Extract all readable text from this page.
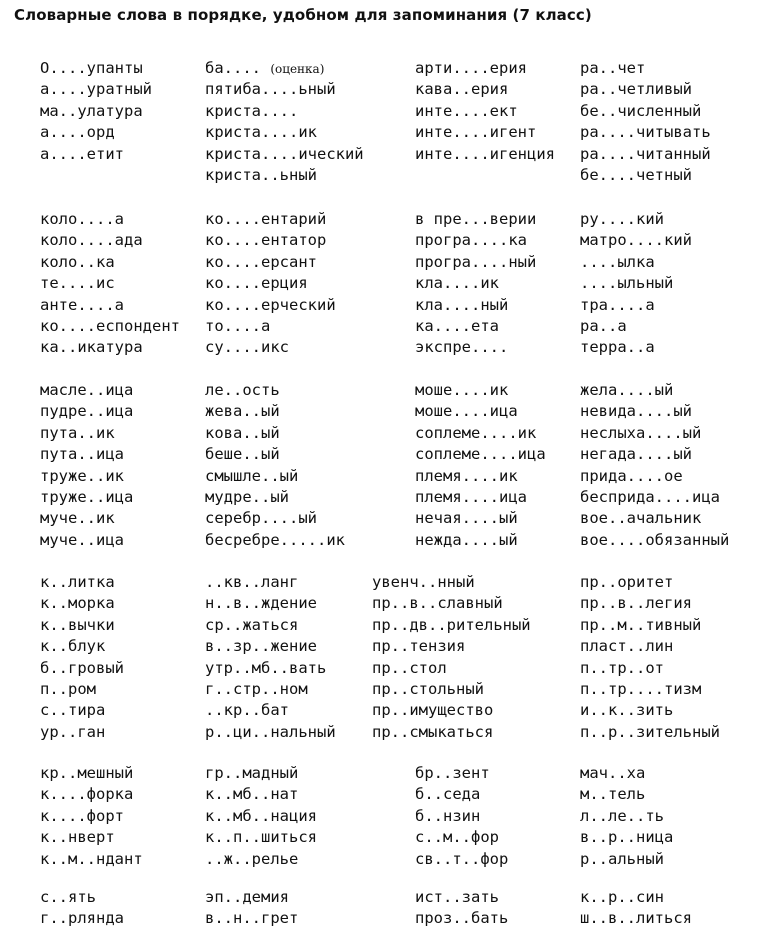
Словарные слова в порядке, удобном для запоминания (7 класс)
О....упанты
а....уратный
ма..улатура
а....орд
а....етит
ба.... (оценка)
пятиба....ьный
криста....
криста....ик
криста....ический
криста..ьный
арти....ерия
кава..ерия
инте....ект
инте....игент
инте....игенция
ра..чет
ра..четливый
бе..численный
ра....читывать
ра....читанный
бе....четный
коло....а
коло....ада
коло..ка
те....ис
анте....а
ко....еспондент
ка..икатура
ко....ентарий
ко....ентатор
ко....ерсант
ко....ерция
ко....ерческий
то....а
су....икс
в пре...верии
програ....ка
програ....ный
кла....ик
кла....ный
ка....ета
экспре....
ру....кий
матро....кий
....ылка
....ыльный
тра....а
ра..а
терра..а
масле..ица
пудре..ица
пута..ик
пута..ица
труже..ик
труже..ица
муче..ик
муче..ица
ле..ость
жева..ый
кова..ый
беше..ый
смышле..ый
мудре..ый
серебр....ый
бесребре.....ик
моше....ик
моше....ица
соплеме....ик
соплеме....ица
племя....ик
племя....ица
нечая....ый
нежда....ый
жела....ый
невида....ый
неслыха....ый
негада....ый
прида....ое
бесприда....ица
вое..ачальник
вое....обязанный
к..литка
к..морка
к..вычки
к..блук
б..гровый
п..ром
с..тира
ур..ган
..кв..ланг
н..в..ждение
ср..жаться
в..зр..жение
утр..мб..вать
г..стр..ном
..кр..бат
р..ци..нальный
увенч..нный
пр..в..славный
пр..дв..рительный
пр..тензия
пр..стол
пр..стольный
пр..имущество
пр..смыкаться
пр..оритет
пр..в..легия
пр..м..тивный
пласт..лин
п..тр..от
п..тр....тизм
и..к..зить
п..р..зительный
кр..мешный
к....форка
к....форт
к..нверт
к..м..ндант
гр..мадный
к..мб..нат
к..мб..нация
к..п..шиться
..ж..релье
бр..зент
б..седа
б..нзин
с..м..фор
св..т..фор
мач..ха
м..тель
л..ле..ть
в..р..ница
р..альный
с..ять
г..рлянда
эп..демия
в..н..грет
ист..зать
проз..бать
к..р..син
ш..в..литься
